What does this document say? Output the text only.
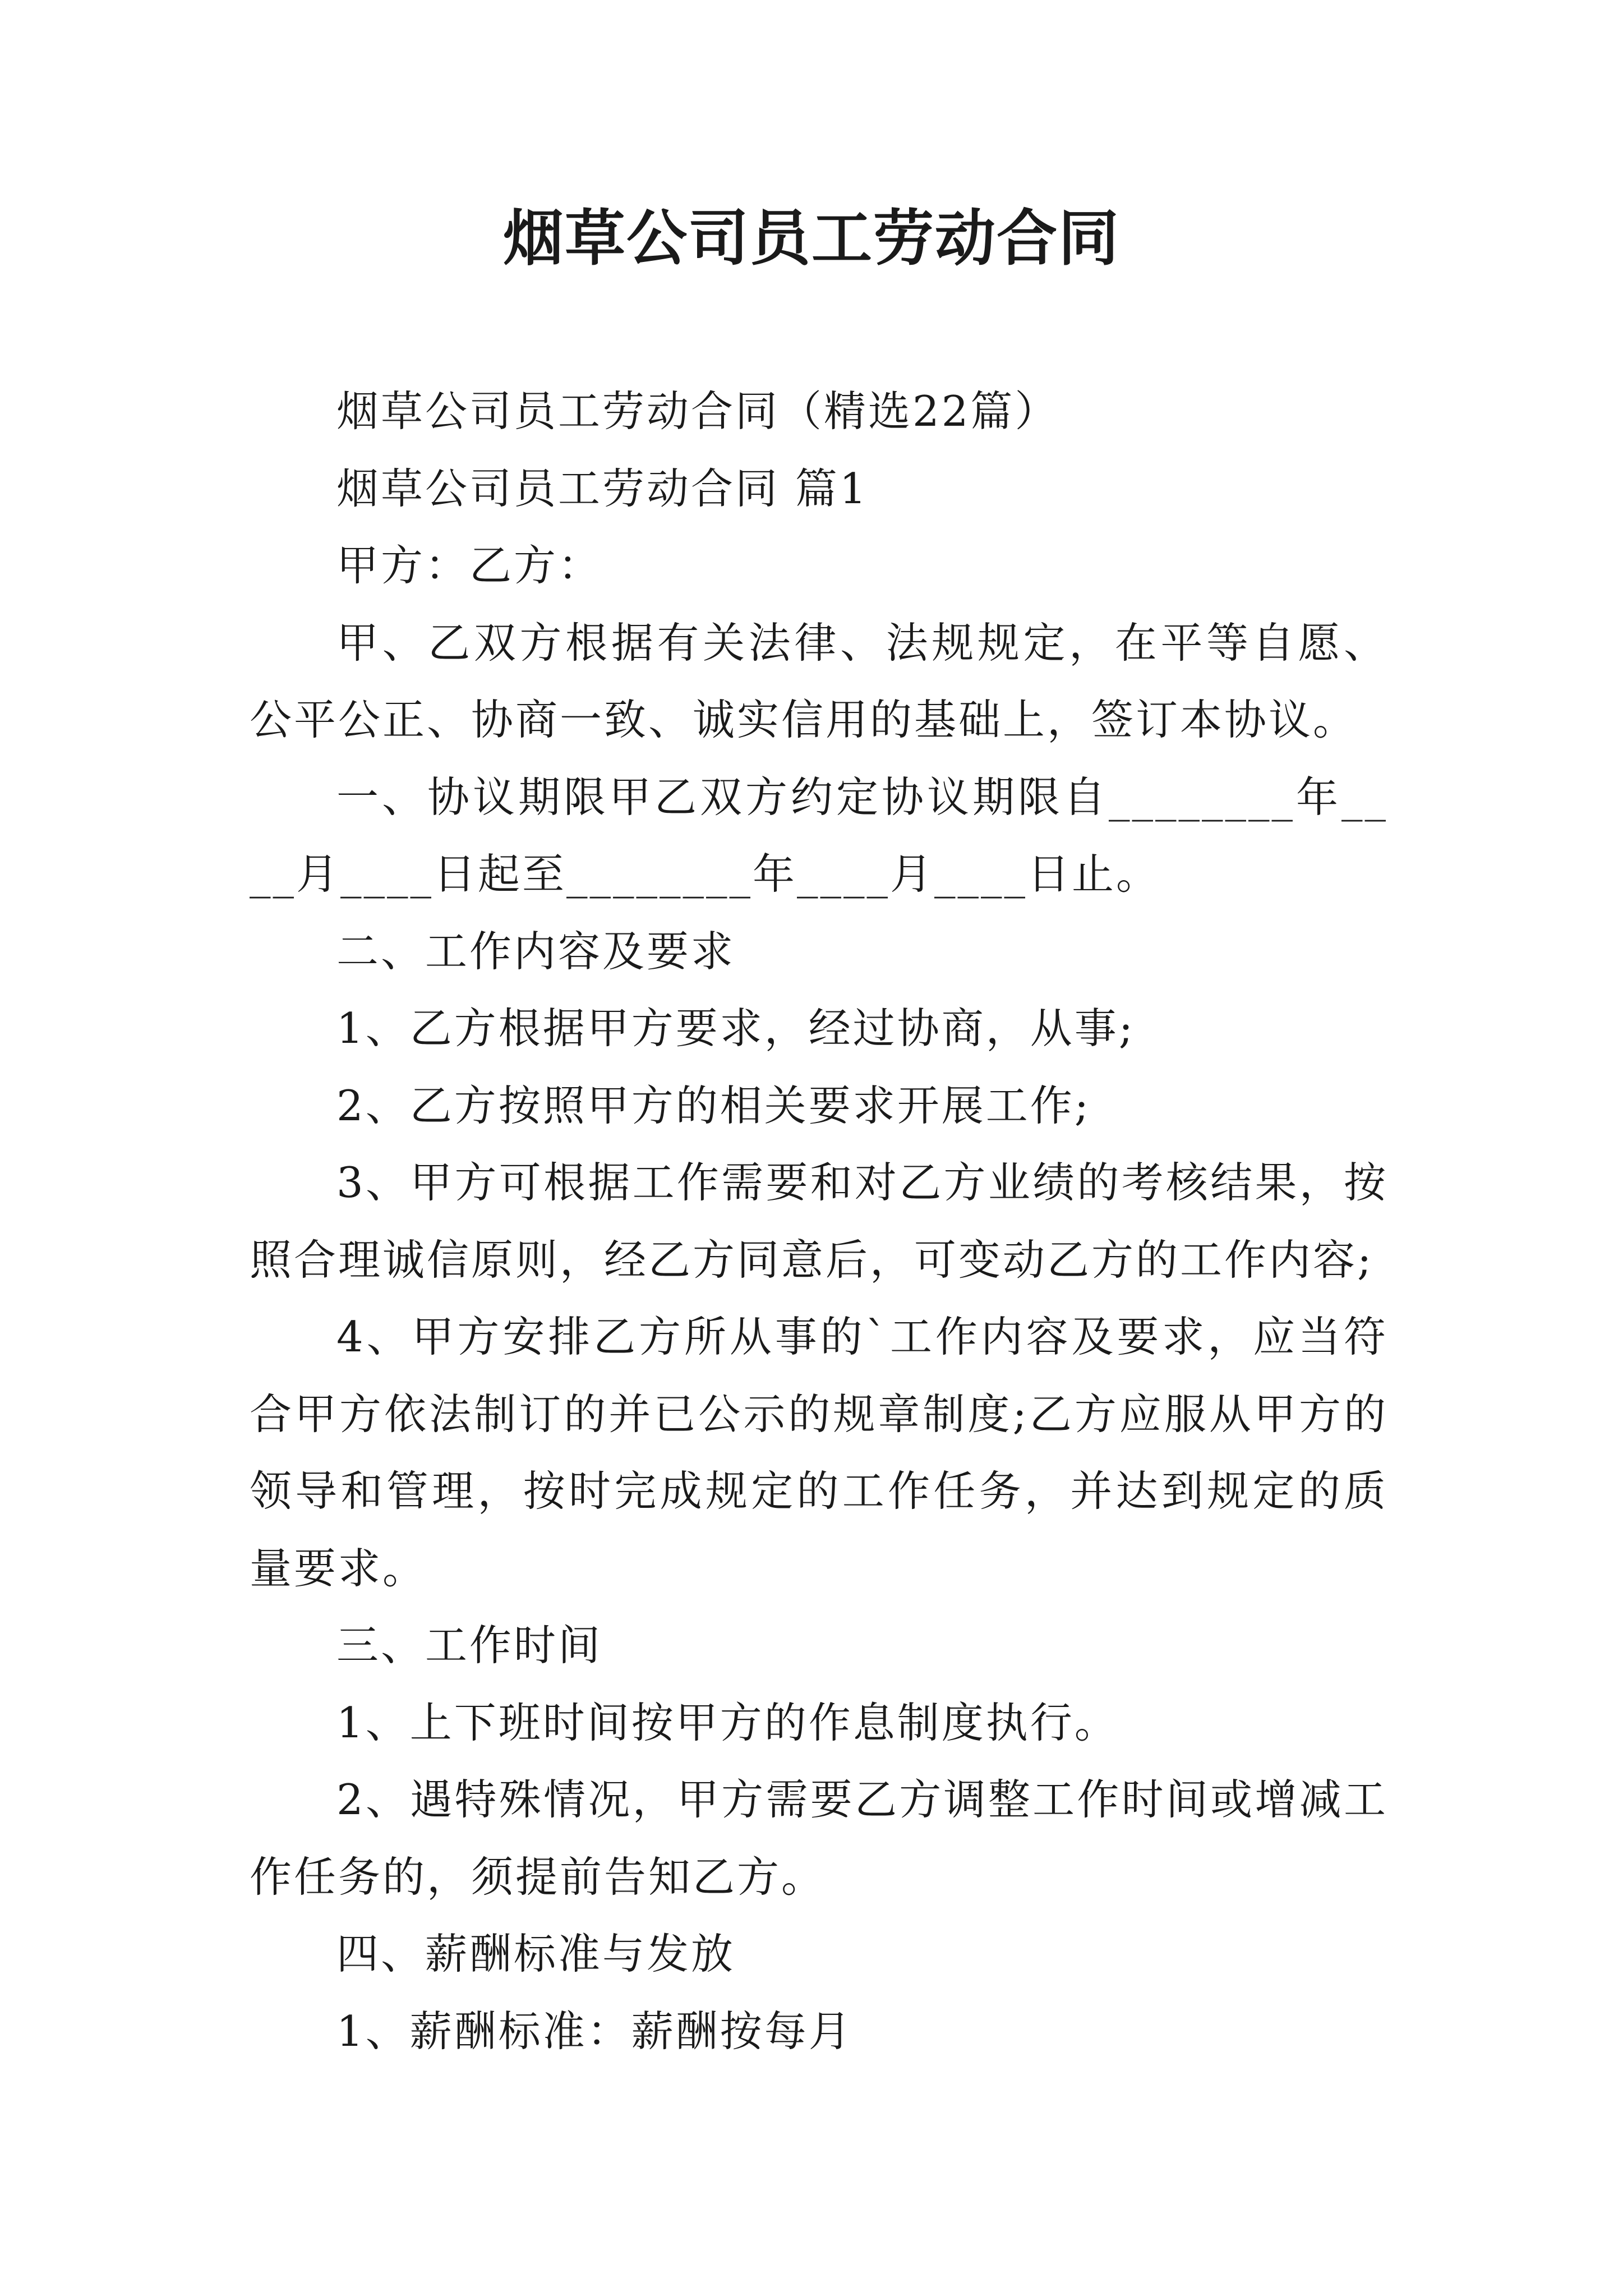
烟草公司员工劳动合同

烟草公司员工劳动合同（精选22篇）

烟草公司员工劳动合同 篇1

甲方：乙方：

甲、乙双方根据有关法律、法规规定，在平等自愿、公平公正、协商一致、诚实信用的基础上，签订本协议。

一、协议期限甲乙双方约定协议期限自________年____月____日起至________年____月____日止。

二、工作内容及要求

1、乙方根据甲方要求，经过协商，从事;

2、乙方按照甲方的相关要求开展工作;

3、甲方可根据工作需要和对乙方业绩的考核结果，按照合理诚信原则，经乙方同意后，可变动乙方的工作内容;

4、甲方安排乙方所从事的`工作内容及要求，应当符合甲方依法制订的并已公示的规章制度;乙方应服从甲方的领导和管理，按时完成规定的工作任务，并达到规定的质量要求。

三、工作时间

1、上下班时间按甲方的作息制度执行。

2、遇特殊情况，甲方需要乙方调整工作时间或增减工作任务的，须提前告知乙方。

四、薪酬标准与发放

1、薪酬标准：薪酬按每月
